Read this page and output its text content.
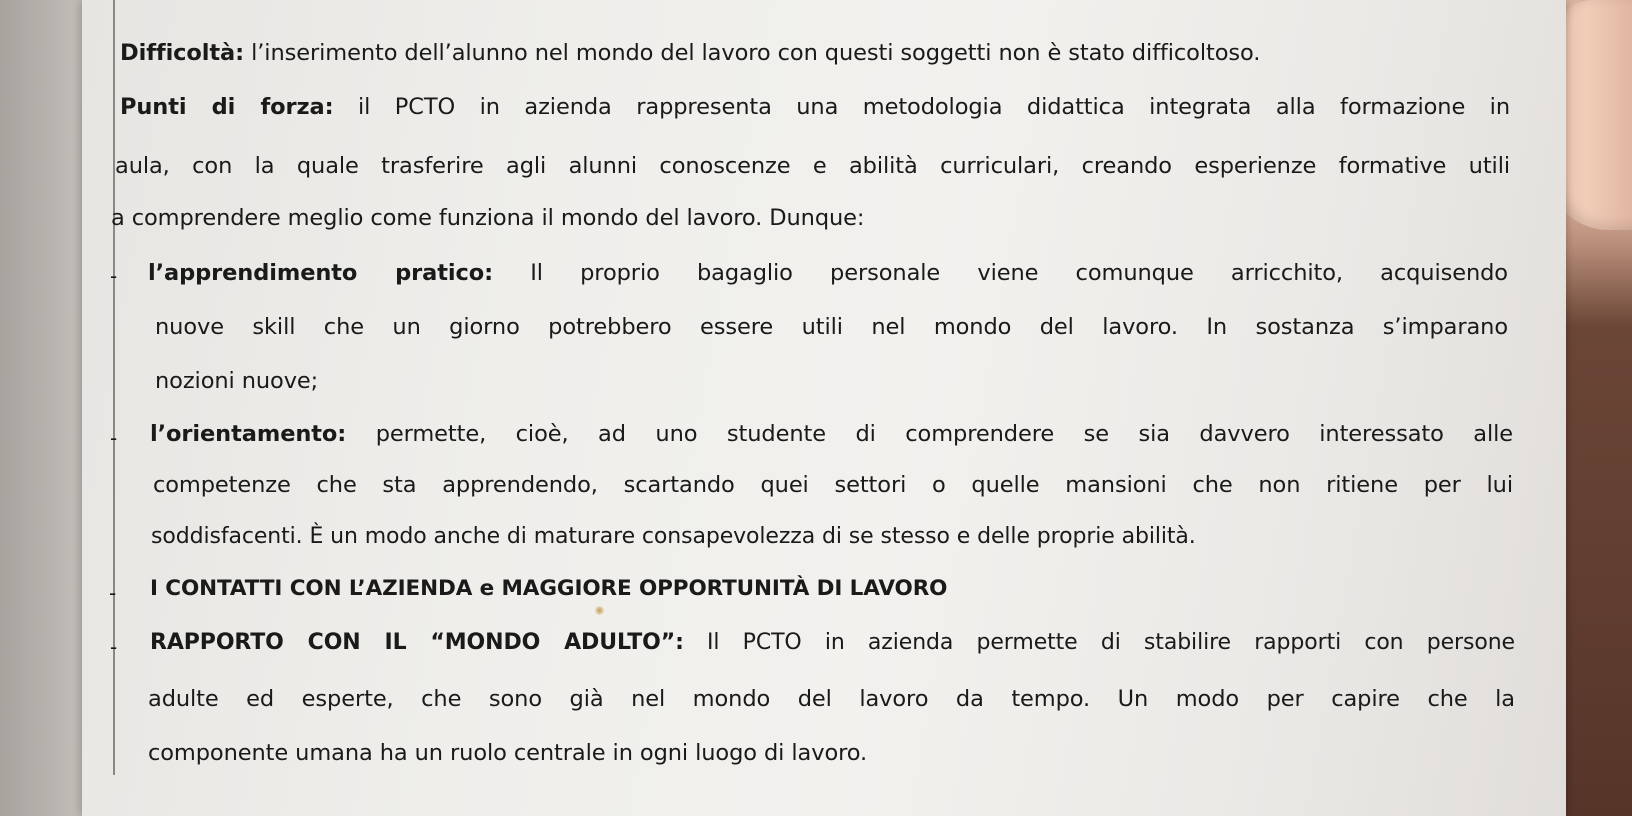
Difficoltà: l’inserimento dell’alunno nel mondo del lavoro con questi soggetti non è stato difficoltoso.
Punti di forza: il PCTO in azienda rappresenta una metodologia didattica integrata alla formazione in
aula, con la quale trasferire agli alunni conoscenze e abilità curriculari, creando esperienze formative utili
a comprendere meglio come funziona il mondo del lavoro. Dunque:
- l’apprendimento pratico: Il proprio bagaglio personale viene comunque arricchito, acquisendo
nuove skill che un giorno potrebbero essere utili nel mondo del lavoro. In sostanza s’imparano
nozioni nuove;
- l’orientamento: permette, cioè, ad uno studente di comprendere se sia davvero interessato alle
competenze che sta apprendendo, scartando quei settori o quelle mansioni che non ritiene per lui
soddisfacenti. È un modo anche di maturare consapevolezza di se stesso e delle proprie abilità.
- I CONTATTI CON L’AZIENDA e MAGGIORE OPPORTUNITÀ DI LAVORO
- RAPPORTO CON IL “MONDO ADULTO”: Il PCTO in azienda permette di stabilire rapporti con persone
adulte ed esperte, che sono già nel mondo del lavoro da tempo. Un modo per capire che la
componente umana ha un ruolo centrale in ogni luogo di lavoro.
